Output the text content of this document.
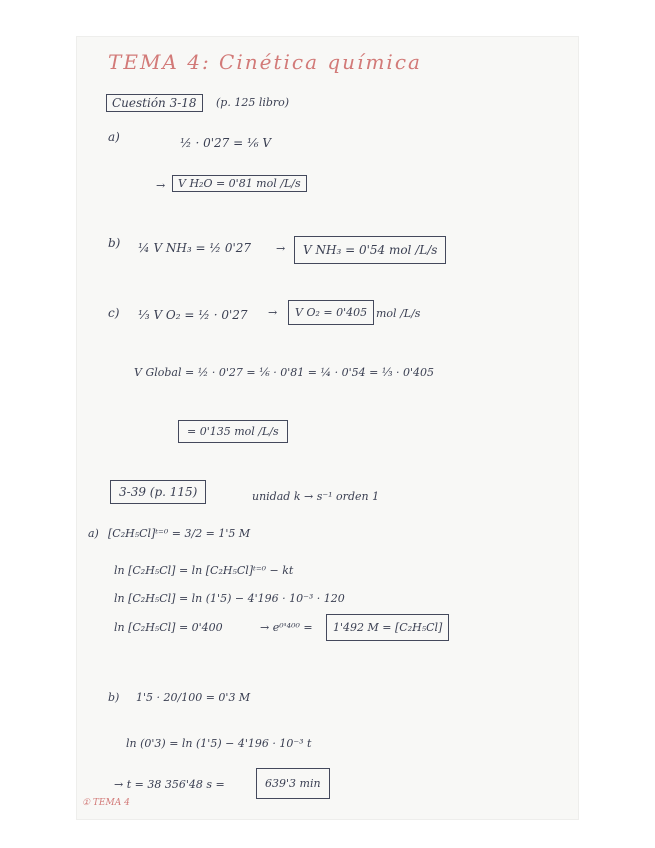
TEMA 4: Cinética química
Cuestión 3-18	(p. 125 libro)
a)	½ · 0'27 = ⅙ V
→	V H₂O = 0'81 mol /L/s
b) ¼ V NH₃ = ½ 0'27 →	V NH₃ = 0'54 mol /L/s
c) ⅓ V O₂ = ½ · 0'27 →	V O₂ = 0'405 mol /L/s
V Global = ½ · 0'27 = ⅙ · 0'81 = ¼ · 0'54 = ⅓ · 0'405
= 0'135 mol /L/s
3-39 (p. 115)	unidad k → s⁻¹ orden 1
a) [C₂H₅Cl]ᵗ⁼⁰ = 3/2 = 1'5 M
ln [C₂H₅Cl] = ln [C₂H₅Cl]ᵗ⁼⁰ − kt
ln [C₂H₅Cl] = ln (1'5) − 4'196 · 10⁻³ · 120
ln [C₂H₅Cl] = 0'400	→ e⁰'⁴⁰⁰ =	1'492 M = [C₂H₅Cl]
b) 1'5 · 20/100 = 0'3 M
ln (0'3) = ln (1'5) − 4'196 · 10⁻³ t
→ t = 38 356'48 s =	639'3 min
① TEMA 4
